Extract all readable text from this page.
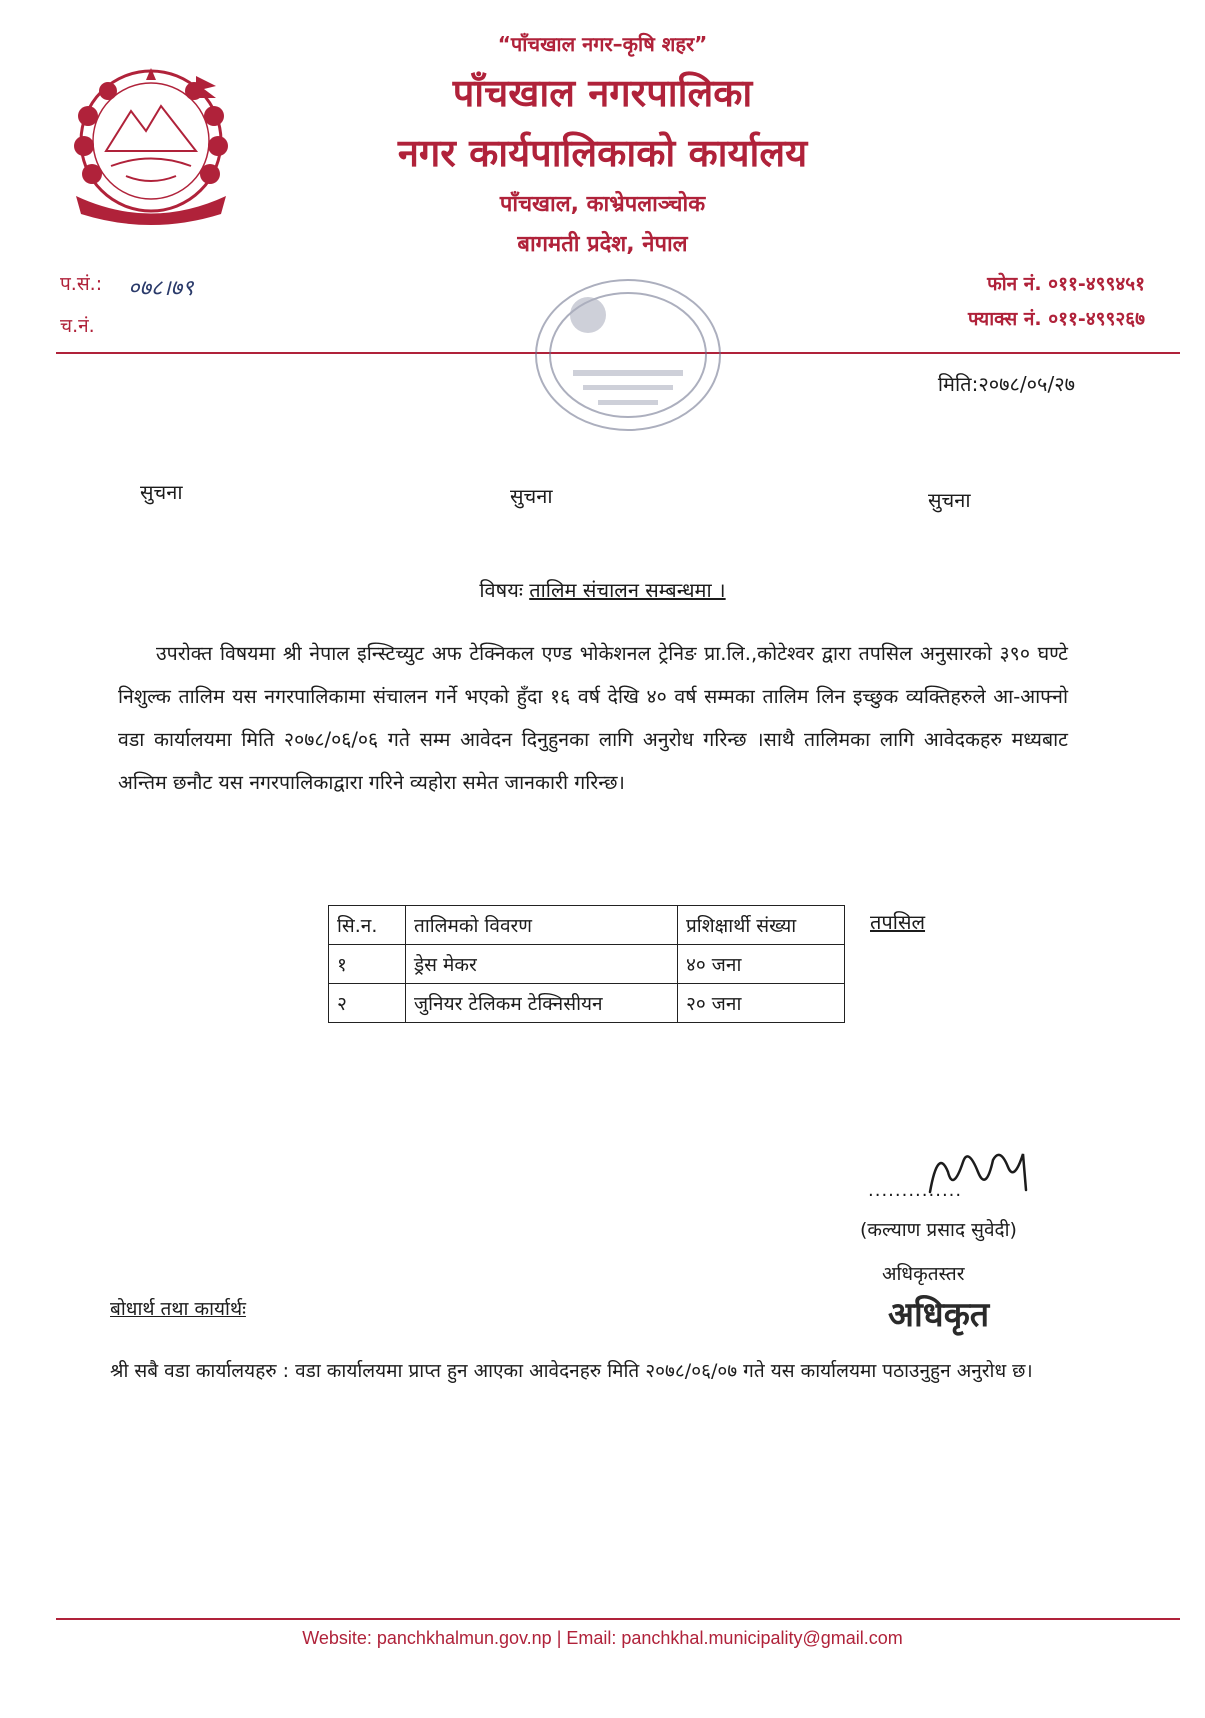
“पाँचखाल नगर–कृषि शहर”
पाँचखाल नगरपालिका
नगर कार्यपालिकाको कार्यालय
पाँचखाल, काभ्रेपलाञ्चोक
बागमती प्रदेश, नेपाल
प.सं.: ०७८।७९
च.नं.
फोन नं. ०११-४९९४५१
फ्याक्स नं. ०११-४९९२६७
मिति:२०७८/०५/२७
सुचना	सुचना	सुचना
विषयः तालिम संचालन सम्बन्धमा ।
उपरोक्त विषयमा श्री नेपाल इन्स्टिच्युट अफ टेक्निकल एण्ड भोकेशनल ट्रेनिङ प्रा.लि.,कोटेश्वर द्वारा तपसिल अनुसारको ३९० घण्टे निशुल्क तालिम यस नगरपालिकामा संचालन गर्ने भएको हुँदा १६ वर्ष देखि ४० वर्ष सम्मका तालिम लिन इच्छुक व्यक्तिहरुले आ-आफ्नो वडा कार्यालयमा मिति २०७८/०६/०६ गते सम्म आवेदन दिनुहुनका लागि अनुरोध गरिन्छ ।साथै तालिमका लागि आवेदकहरु मध्यबाट अन्तिम छनौट यस नगरपालिकाद्वारा गरिने व्यहोरा समेत जानकारी गरिन्छ।
सि.न.	तालिमको विवरण	प्रशिक्षार्थी संख्या
१	ड्रेस मेकर	४० जना
२	जुनियर टेलिकम टेक्निसीयन	२० जना
तपसिल
..............
(कल्याण प्रसाद सुवेदी)
अधिकृतस्तर
अधिकृत
बोधार्थ तथा कार्यार्थः
श्री सबै वडा कार्यालयहरु : वडा कार्यालयमा प्राप्त हुन आएका आवेदनहरु मिति २०७८/०६/०७ गते यस कार्यालयमा पठाउनुहुन अनुरोध छ।
Website: panchkhalmun.gov.np | Email: panchkhal.municipality@gmail.com
